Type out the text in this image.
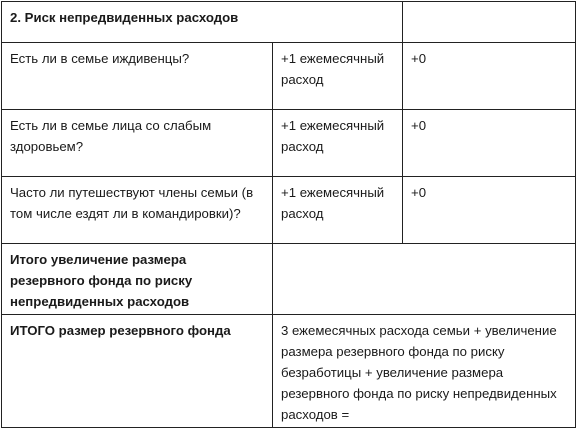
2. Риск непредвиденных расходов		

Есть ли в семье иждивенцы?	+1 ежемесячный расход	+0

Есть ли в семье лица со слабым здоровьем?	+1 ежемесячный расход	+0

Часто ли путешествуют члены семьи (в том числе ездят ли в командировки)?	+1 ежемесячный расход	+0

Итого увеличение размера резервного фонда по риску непредвиденных расходов		

ИТОГО размер резервного фонда	3 ежемесячных расхода семьи + увеличение размера резервного фонда по риску безработицы + увеличение размера резервного фонда по риску непредвиденных расходов =	
